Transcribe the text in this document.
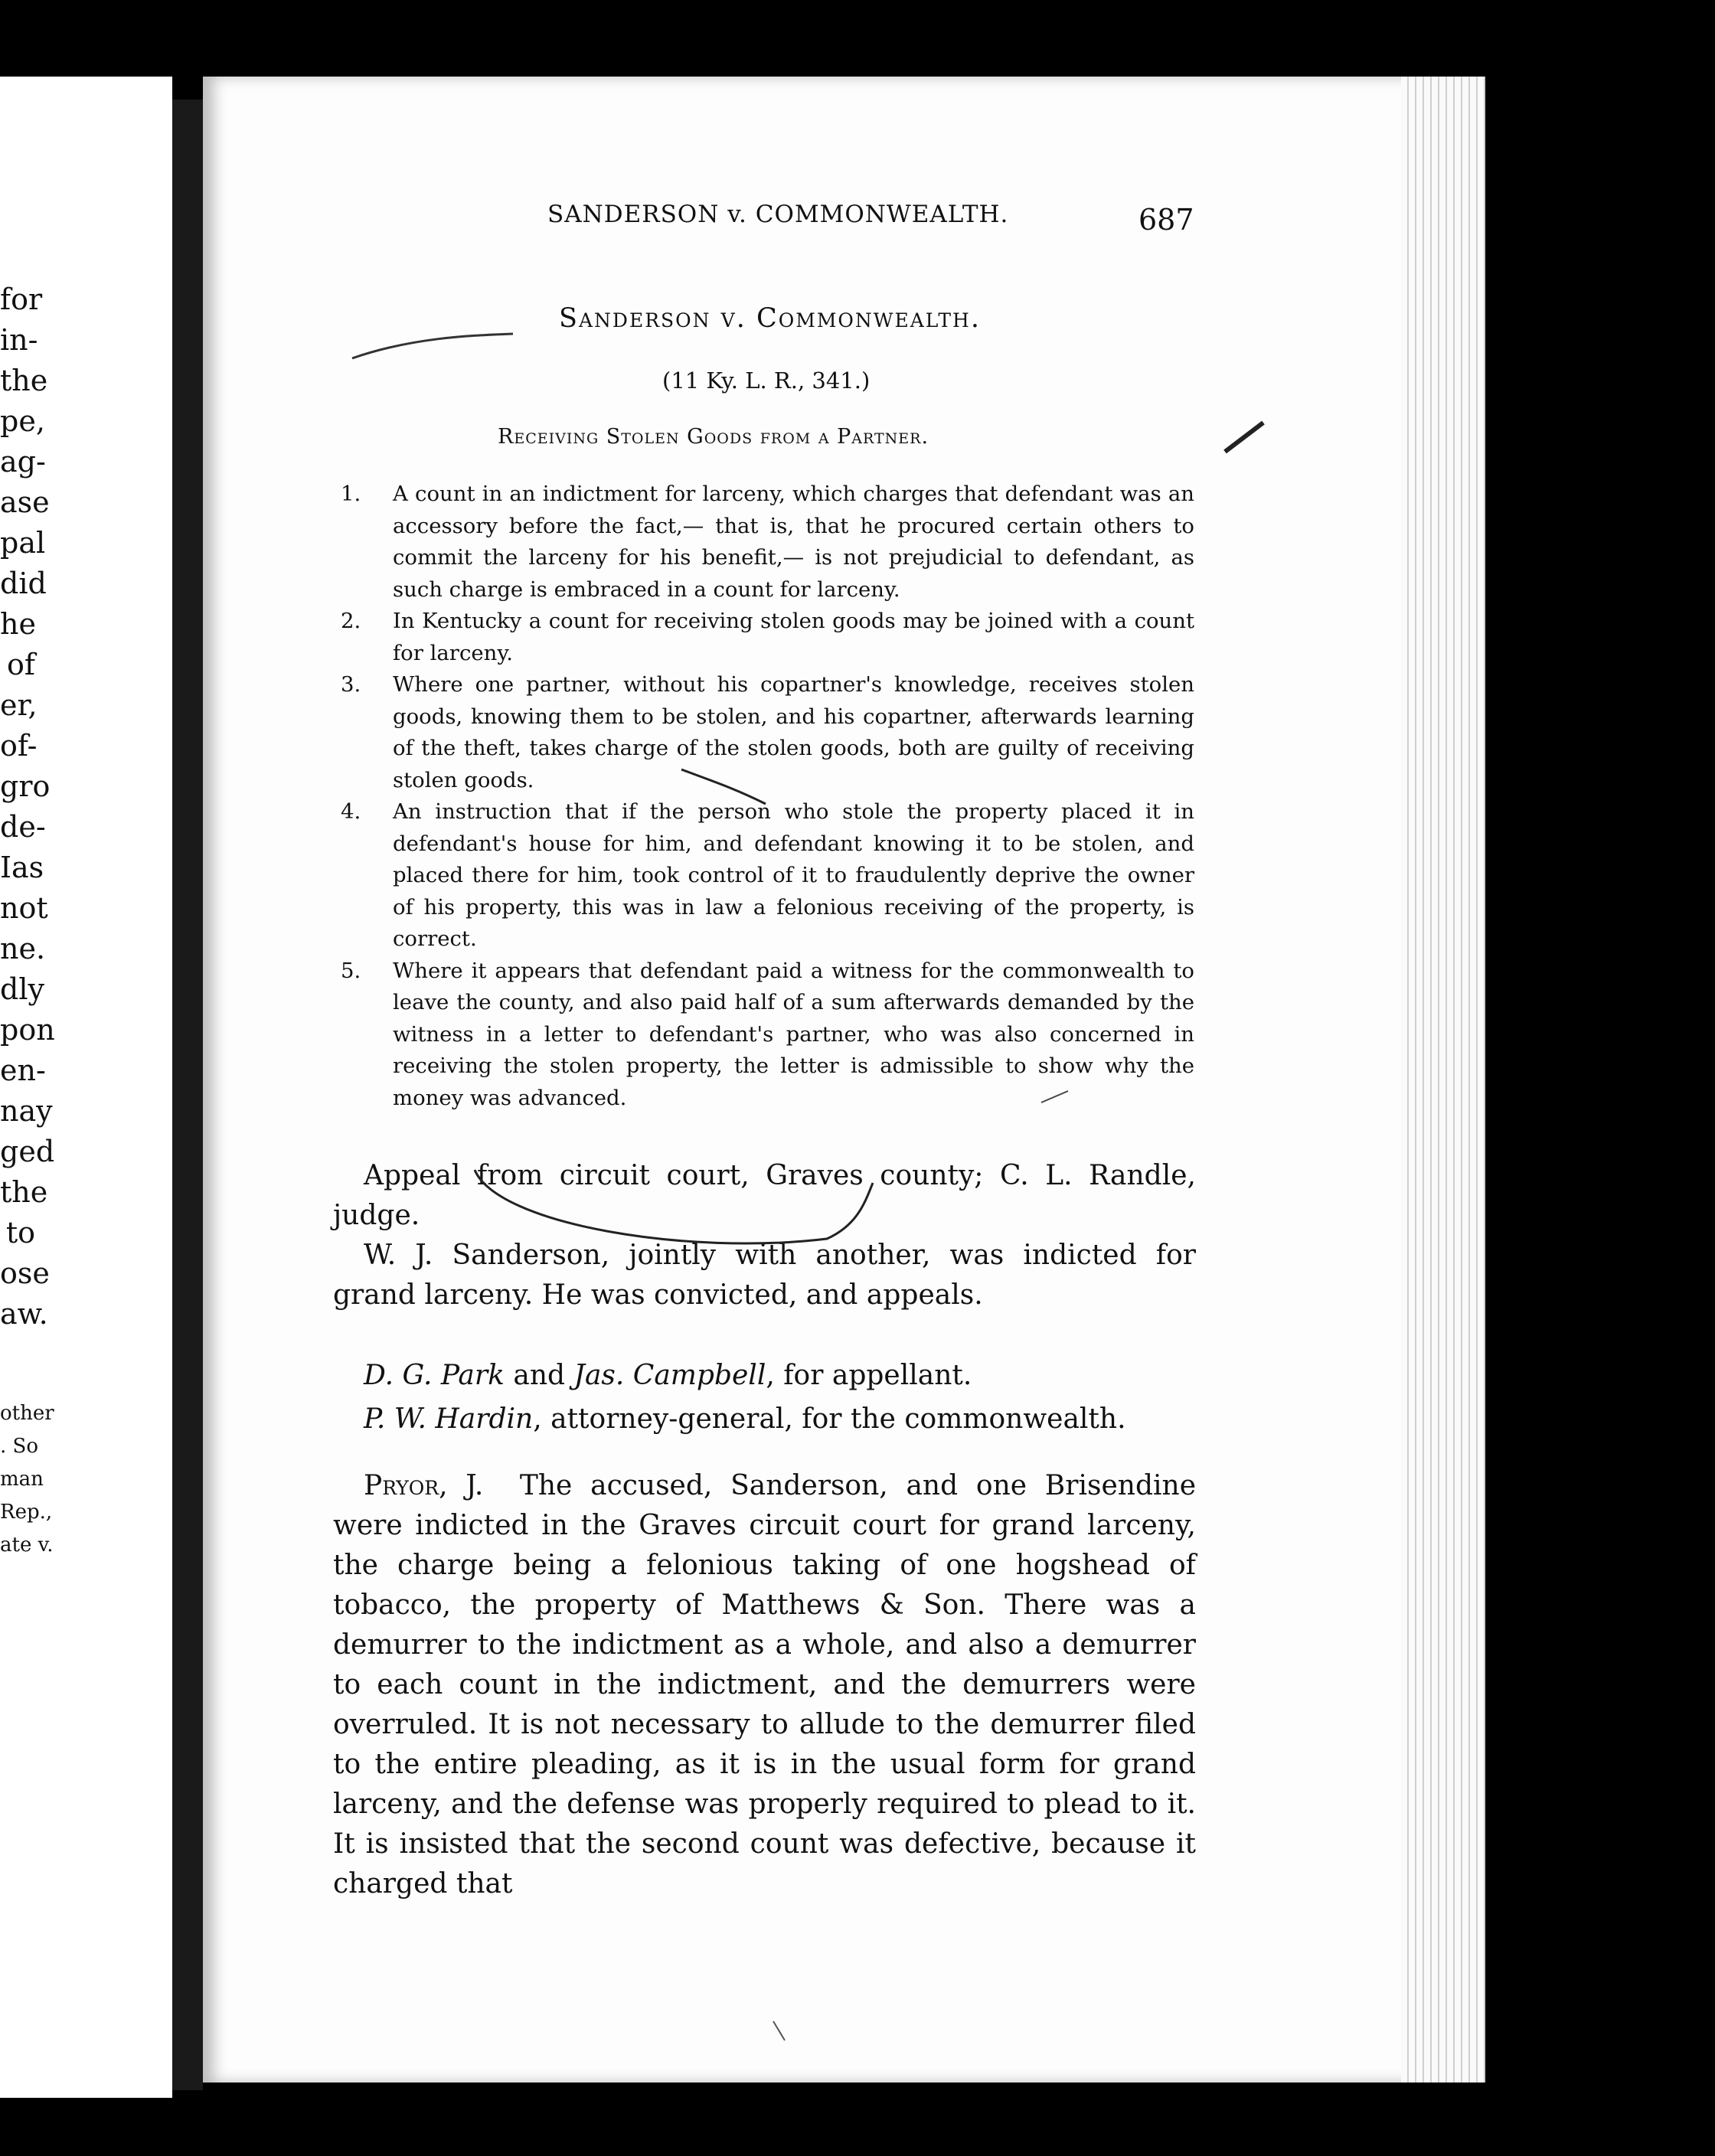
for
in-
the
pe,
ag-
ase
pal
did
he
of
er,
of-
gro
de-
Ias
not
ne.
dly
pon
en-
nay
ged
the
to
ose
aw.
other
. So
man
Rep.,
ate v.
SANDERSON v. COMMONWEALTH.	687
Sanderson v. Commonwealth.
(11 Ky. L. R., 341.)
Receiving Stolen Goods from a Partner.
1.	A count in an indictment for larceny, which charges that defendant was an accessory before the fact,— that is, that he procured certain others to commit the larceny for his benefit,— is not prejudicial to defendant, as such charge is embraced in a count for larceny.
2.	In Kentucky a count for receiving stolen goods may be joined with a count for larceny.
3.	Where one partner, without his copartner's knowledge, receives stolen goods, knowing them to be stolen, and his copartner, afterwards learning of the theft, takes charge of the stolen goods, both are guilty of receiving stolen goods.
4.	An instruction that if the person who stole the property placed it in defendant's house for him, and defendant knowing it to be stolen, and placed there for him, took control of it to fraudulently deprive the owner of his property, this was in law a felonious receiving of the property, is correct.
5.	Where it appears that defendant paid a witness for the commonwealth to leave the county, and also paid half of a sum afterwards demanded by the witness in a letter to defendant's partner, who was also concerned in receiving the stolen property, the letter is admissible to show why the money was advanced.

Appeal from circuit court, Graves county; C. L. Randle, judge.

W. J. Sanderson, jointly with another, was indicted for grand larceny. He was convicted, and appeals.

D. G. Park and Jas. Campbell, for appellant.

P. W. Hardin, attorney-general, for the commonwealth.

Pryor, J. The accused, Sanderson, and one Brisendine were indicted in the Graves circuit court for grand larceny, the charge being a felonious taking of one hogshead of tobacco, the property of Matthews & Son. There was a demurrer to the indictment as a whole, and also a demurrer to each count in the indictment, and the demurrers were overruled. It is not necessary to allude to the demurrer filed to the entire pleading, as it is in the usual form for grand larceny, and the defense was properly required to plead to it. It is insisted that the second count was defective, because it charged that
